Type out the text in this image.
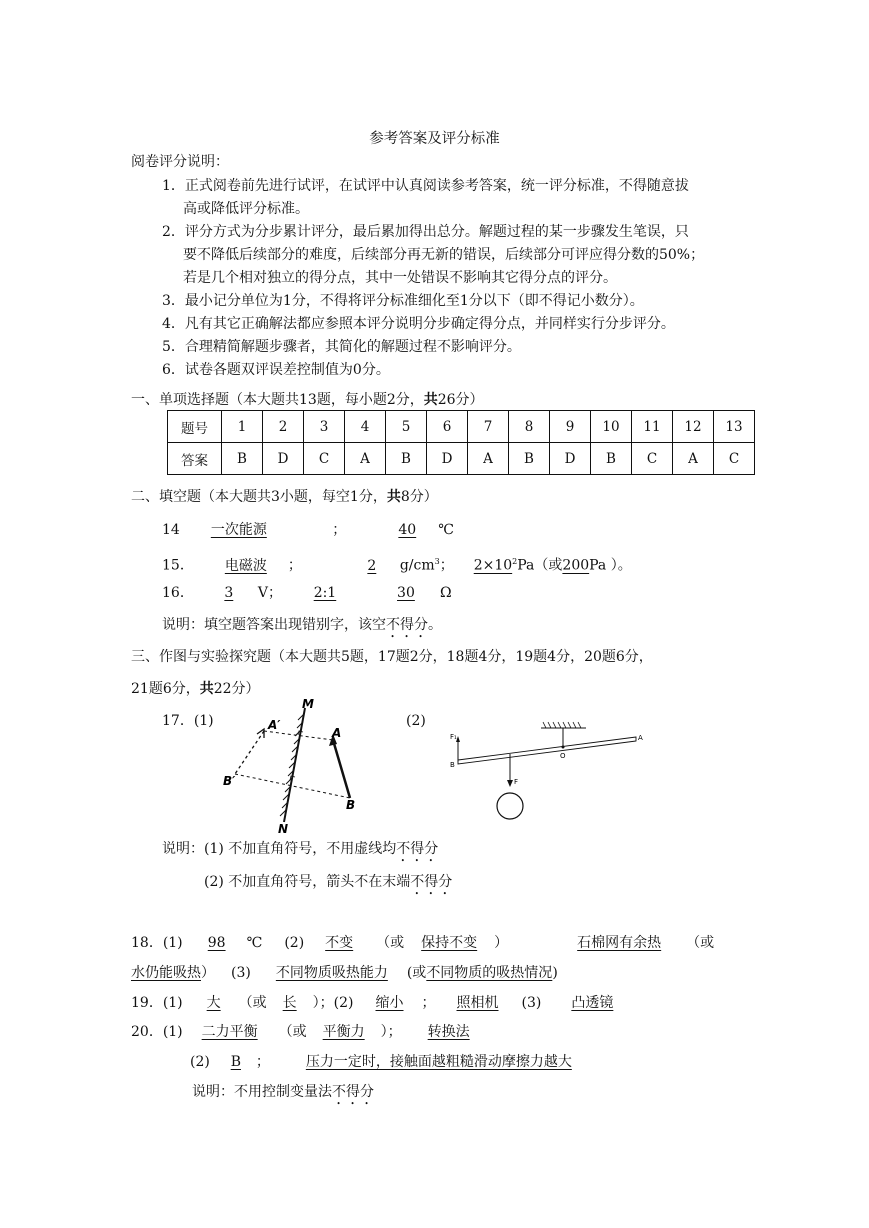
参考答案及评分标准
阅卷评分说明：
1．正式阅卷前先进行试评，在试评中认真阅读参考答案，统一评分标准，不得随意拔
高或降低评分标准。
2．评分方式为分步累计评分，最后累加得出总分。解题过程的某一步骤发生笔误，只
要不降低后续部分的难度，后续部分再无新的错误，后续部分可评应得分数的50%；
若是几个相对独立的得分点，其中一处错误不影响其它得分点的评分。
3．最小记分单位为1分，不得将评分标准细化至1分以下（即不得记小数分）。
4．凡有其它正确解法都应参照本评分说明分步确定得分点，并同样实行分步评分。
5．合理精简解题步骤者，其简化的解题过程不影响评分。
6．试卷各题双评误差控制值为0分。
一、单项选择题（本大题共13题，每小题2分，共26分）
题号	1	2	3	4	5	6	7	8	9	10	11	12	13
答案	B	D	C	A	B	D	A	B	D	B	C	A	C
二、填空题（本大题共3小题，每空1分，共8分）
14 一次能源	；	40 ℃
15． 电磁波 ；	2 $g/cm^3$； $2\times 10^2Pa$（或200Pa ）。
16． 3 V； 2:1	30 Ω
说明：填空题答案出现错别字，该空不得分。
三、作图与实验探究题（本大题共5题，17题2分，18题4分，19题4分，20题6分，
21题6分，共22分）
17．(1)	(2)
M
N
A′
A
B′
B
F₁
B
O
A
F
说明：(1) 不加直角符号，不用虚线均不得分
(2) 不加直角符号，箭头不在末端不得分
18．(1) 98 ℃ (2) 不变 （或 保持不变 ）	石棉网有余热 （或
水仍能吸热） (3) 不同物质吸热能力 (或不同物质的吸热情况)
19．(1) 大 （或 长 ）；(2) 缩小 ； 照相机 (3) 凸透镜
20．(1) 二力平衡 （或 平衡力 ）； 转换法
(2) B ；	压力一定时，接触面越粗糙滑动摩擦力越大
说明：不用控制变量法不得分
